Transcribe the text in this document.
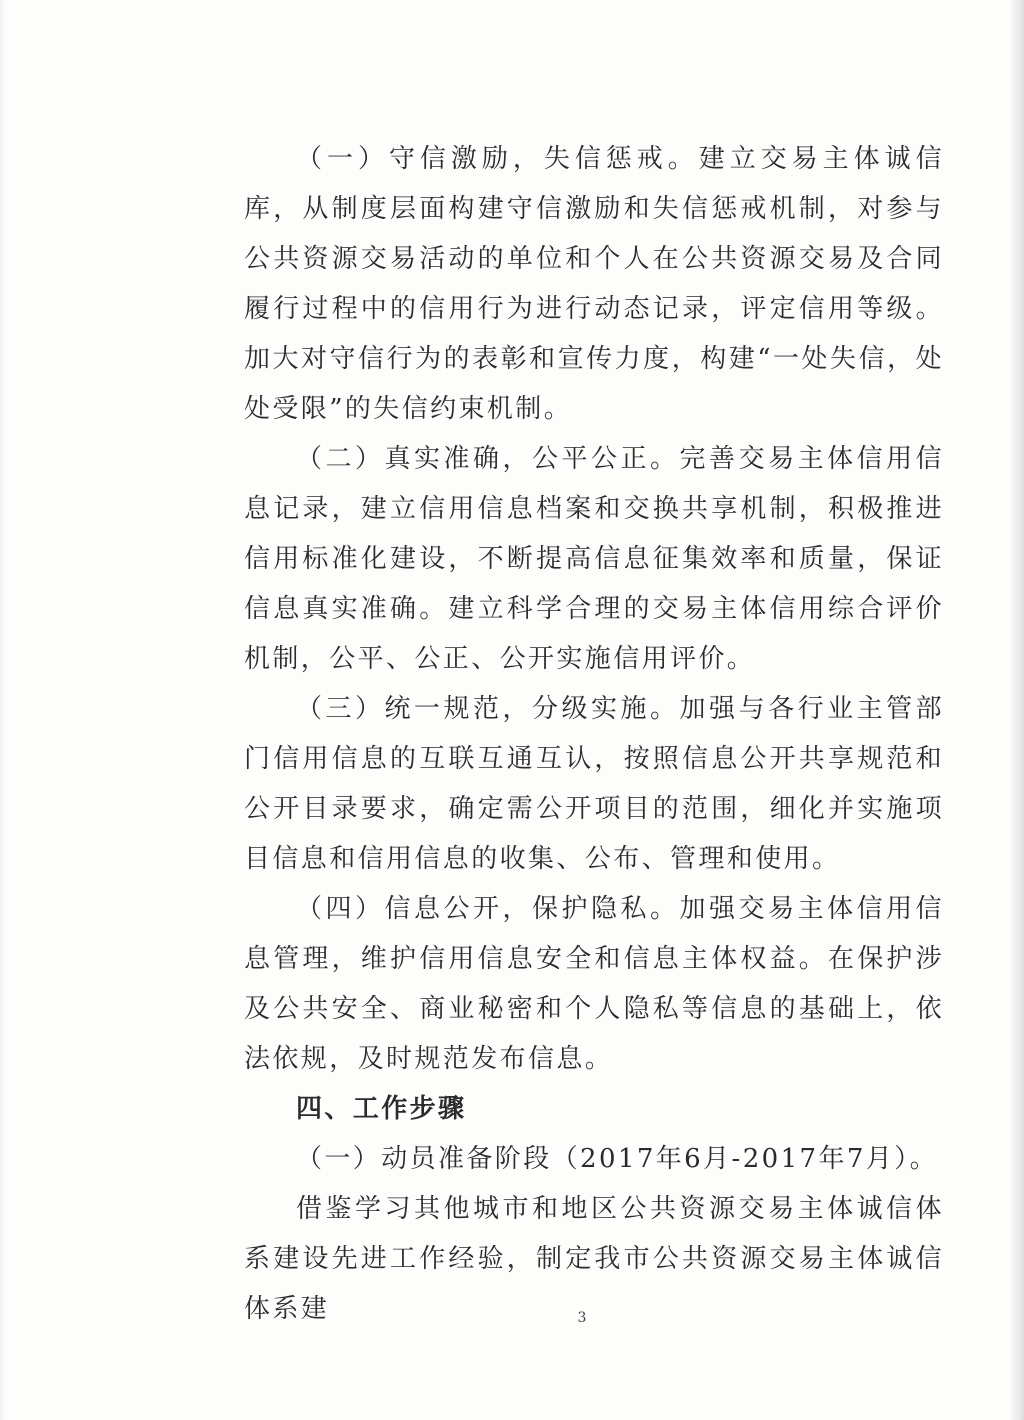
（一）守信激励，失信惩戒。建立交易主体诚信库，从制度层面构建守信激励和失信惩戒机制，对参与公共资源交易活动的单位和个人在公共资源交易及合同履行过程中的信用行为进行动态记录，评定信用等级。加大对守信行为的表彰和宣传力度，构建“一处失信，处处受限”的失信约束机制。

（二）真实准确，公平公正。完善交易主体信用信息记录，建立信用信息档案和交换共享机制，积极推进信用标准化建设，不断提高信息征集效率和质量，保证信息真实准确。建立科学合理的交易主体信用综合评价机制，公平、公正、公开实施信用评价。

（三）统一规范，分级实施。加强与各行业主管部门信用信息的互联互通互认，按照信息公开共享规范和公开目录要求，确定需公开项目的范围，细化并实施项目信息和信用信息的收集、公布、管理和使用。

（四）信息公开，保护隐私。加强交易主体信用信息管理，维护信用信息安全和信息主体权益。在保护涉及公共安全、商业秘密和个人隐私等信息的基础上，依法依规，及时规范发布信息。

四、工作步骤

（一）动员准备阶段（2017年6月-2017年7月）。

借鉴学习其他城市和地区公共资源交易主体诚信体系建设先进工作经验，制定我市公共资源交易主体诚信体系建	3
